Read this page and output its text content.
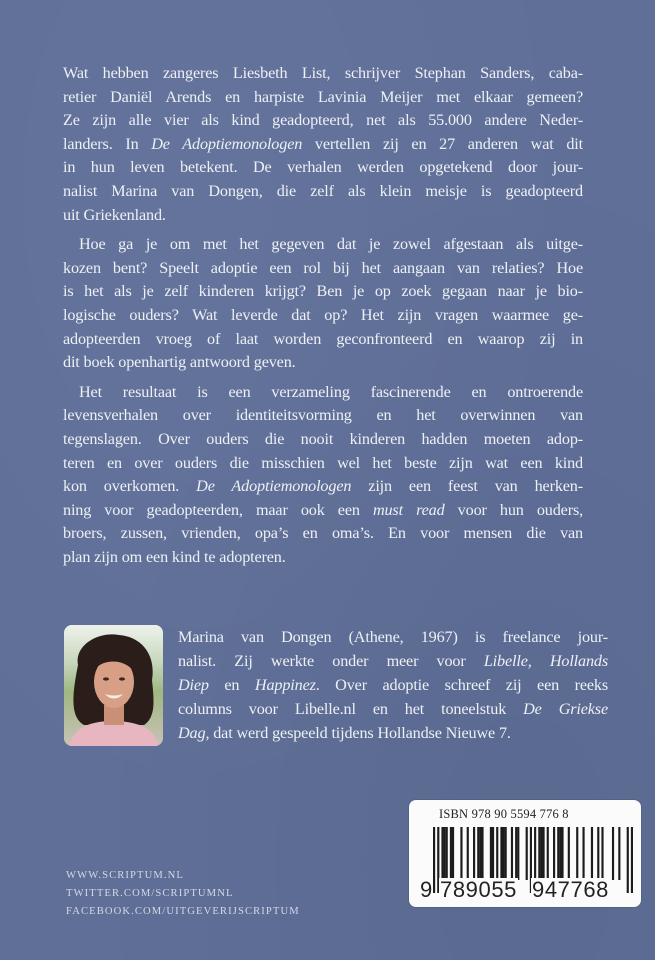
Wat hebben zangeres Liesbeth List, schrijver Stephan Sanders, caba-
retier Daniël Arends en harpiste Lavinia Meijer met elkaar gemeen?
Ze zijn alle vier als kind geadopteerd, net als 55.000 andere Neder-
landers. In De Adoptiemonologen vertellen zij en 27 anderen wat dit
in hun leven betekent. De verhalen werden opgetekend door jour-
nalist Marina van Dongen, die zelf als klein meisje is geadopteerd
uit Griekenland.
Hoe ga je om met het gegeven dat je zowel afgestaan als uitge-
kozen bent? Speelt adoptie een rol bij het aangaan van relaties? Hoe
is het als je zelf kinderen krijgt? Ben je op zoek gegaan naar je bio-
logische ouders? Wat leverde dat op? Het zijn vragen waarmee ge-
adopteerden vroeg of laat worden geconfronteerd en waarop zij in
dit boek openhartig antwoord geven.
Het resultaat is een verzameling fascinerende en ontroerende
levensverhalen over identiteitsvorming en het overwinnen van
tegenslagen. Over ouders die nooit kinderen hadden moeten adop-
teren en over ouders die misschien wel het beste zijn wat een kind
kon overkomen. De Adoptiemonologen zijn een feest van herken-
ning voor geadopteerden, maar ook een must read voor hun ouders,
broers, zussen, vrienden, opa’s en oma’s. En voor mensen die van
plan zijn om een kind te adopteren.
Marina van Dongen (Athene, 1967) is freelance jour-
nalist. Zij werkte onder meer voor Libelle, Hollands
Diep en Happinez. Over adoptie schreef zij een reeks
columns voor Libelle.nl en het toneelstuk De Griekse
Dag, dat werd gespeeld tijdens Hollandse Nieuwe 7.
WWW.SCRIPTUM.NL
TWITTER.COM/SCRIPTUMNL
FACEBOOK.COM/UITGEVERIJSCRIPTUM
ISBN 978 90 5594 776 8
9 789055 947768
